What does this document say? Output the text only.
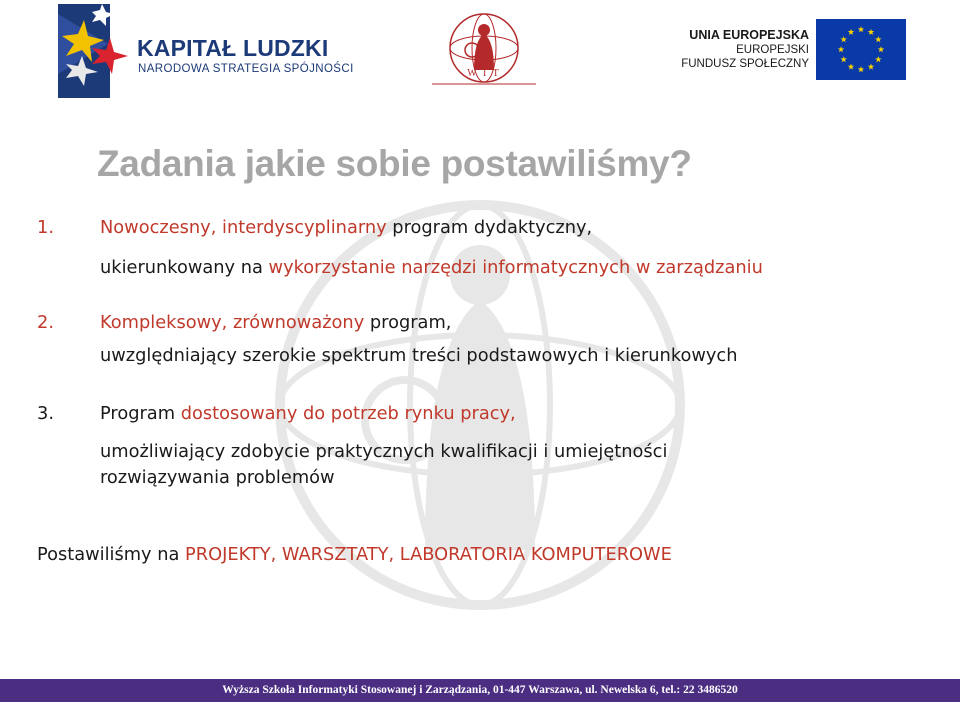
KAPITAŁ LUDZKI
NARODOWA STRATEGIA SPÓJNOŚCI	W I T
UNIA EUROPEJSKA
EUROPEJSKI
FUNDUSZ SPOŁECZNY
Zadania jakie sobie postawiliśmy?
1.	Nowoczesny, interdyscyplinarny program dydaktyczny,
ukierunkowany na wykorzystanie narzędzi informatycznych w zarządzaniu
2.	Kompleksowy, zrównoważony program,
uwzględniający szerokie spektrum treści podstawowych i kierunkowych
3.	Program dostosowany do potrzeb rynku pracy,
umożliwiający zdobycie praktycznych kwalifikacji i umiejętności
rozwiązywania problemów
Postawiliśmy na PROJEKTY, WARSZTATY, LABORATORIA KOMPUTEROWE
Wyższa Szkoła Informatyki Stosowanej i Zarządzania, 01-447 Warszawa, ul. Newelska 6, tel.: 22 3486520
